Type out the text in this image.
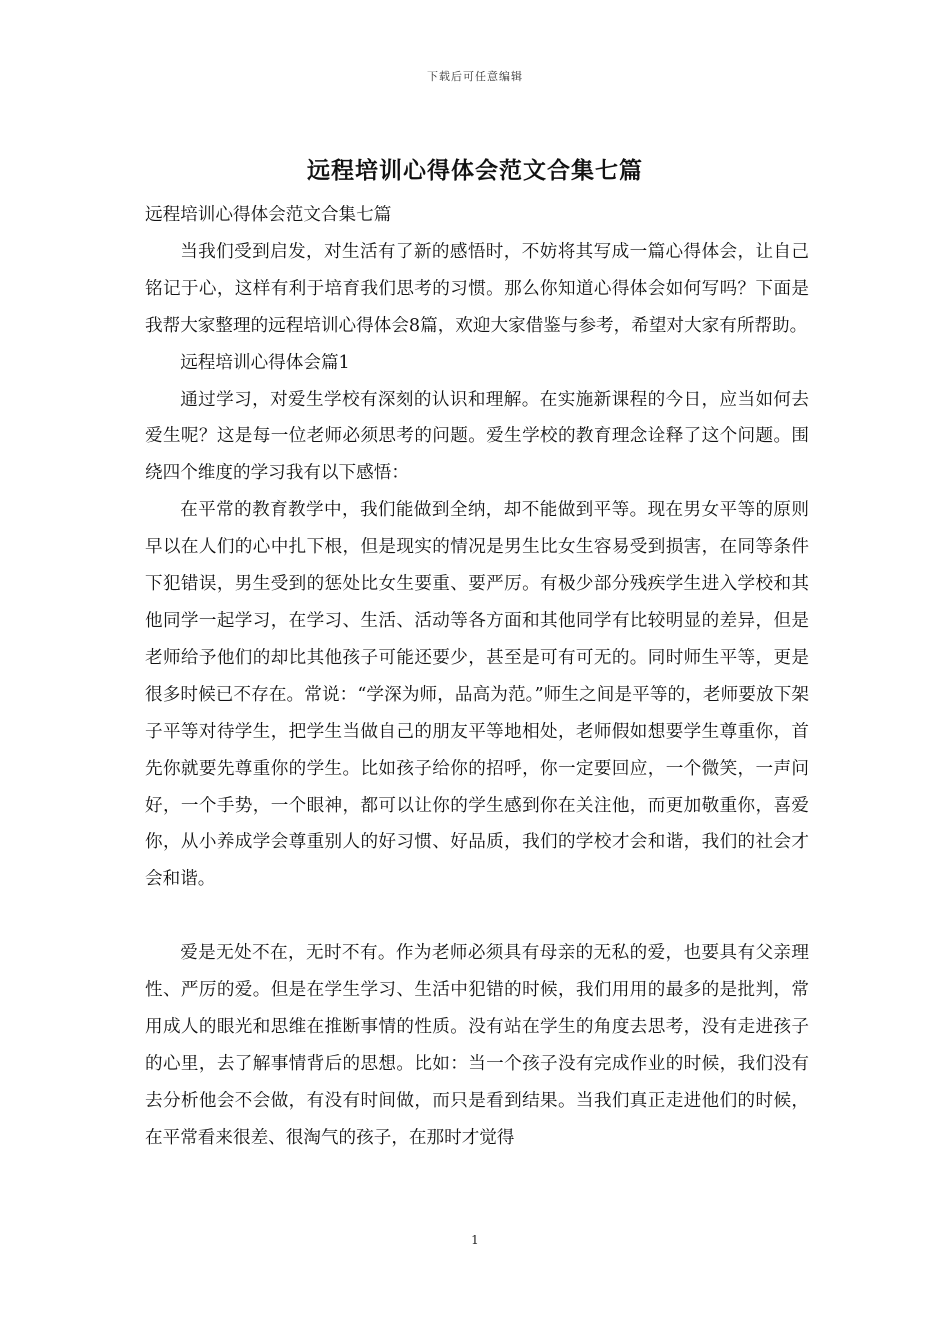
下载后可任意编辑
远程培训心得体会范文合集七篇

远程培训心得体会范文合集七篇

当我们受到启发，对生活有了新的感悟时，不妨将其写成一篇心得体会，让自己铭记于心，这样有利于培育我们思考的习惯。那么你知道心得体会如何写吗？下面是我帮大家整理的远程培训心得体会8篇，欢迎大家借鉴与参考，希望对大家有所帮助。

远程培训心得体会篇1

通过学习，对爱生学校有深刻的认识和理解。在实施新课程的今日，应当如何去爱生呢？这是每一位老师必须思考的问题。爱生学校的教育理念诠释了这个问题。围绕四个维度的学习我有以下感悟：

在平常的教育教学中，我们能做到全纳，却不能做到平等。现在男女平等的原则早以在人们的心中扎下根，但是现实的情况是男生比女生容易受到损害，在同等条件下犯错误，男生受到的惩处比女生要重、要严厉。有极少部分残疾学生进入学校和其他同学一起学习，在学习、生活、活动等各方面和其他同学有比较明显的差异，但是老师给予他们的却比其他孩子可能还要少，甚至是可有可无的。同时师生平等，更是很多时候已不存在。常说：“学深为师，品高为范。”师生之间是平等的，老师要放下架子平等对待学生，把学生当做自己的朋友平等地相处，老师假如想要学生尊重你，首先你就要先尊重你的学生。比如孩子给你的招呼，你一定要回应，一个微笑，一声问好，一个手势，一个眼神，都可以让你的学生感到你在关注他，而更加敬重你，喜爱你，从小养成学会尊重别人的好习惯、好品质，我们的学校才会和谐，我们的社会才会和谐。

爱是无处不在，无时不有。作为老师必须具有母亲的无私的爱，也要具有父亲理性、严厉的爱。但是在学生学习、生活中犯错的时候，我们用用的最多的是批判，常用成人的眼光和思维在推断事情的性质。没有站在学生的角度去思考，没有走进孩子的心里，去了解事情背后的思想。比如：当一个孩子没有完成作业的时候，我们没有去分析他会不会做，有没有时间做，而只是看到结果。当我们真正走进他们的时候，在平常看来很差、很淘气的孩子，在那时才觉得

1
